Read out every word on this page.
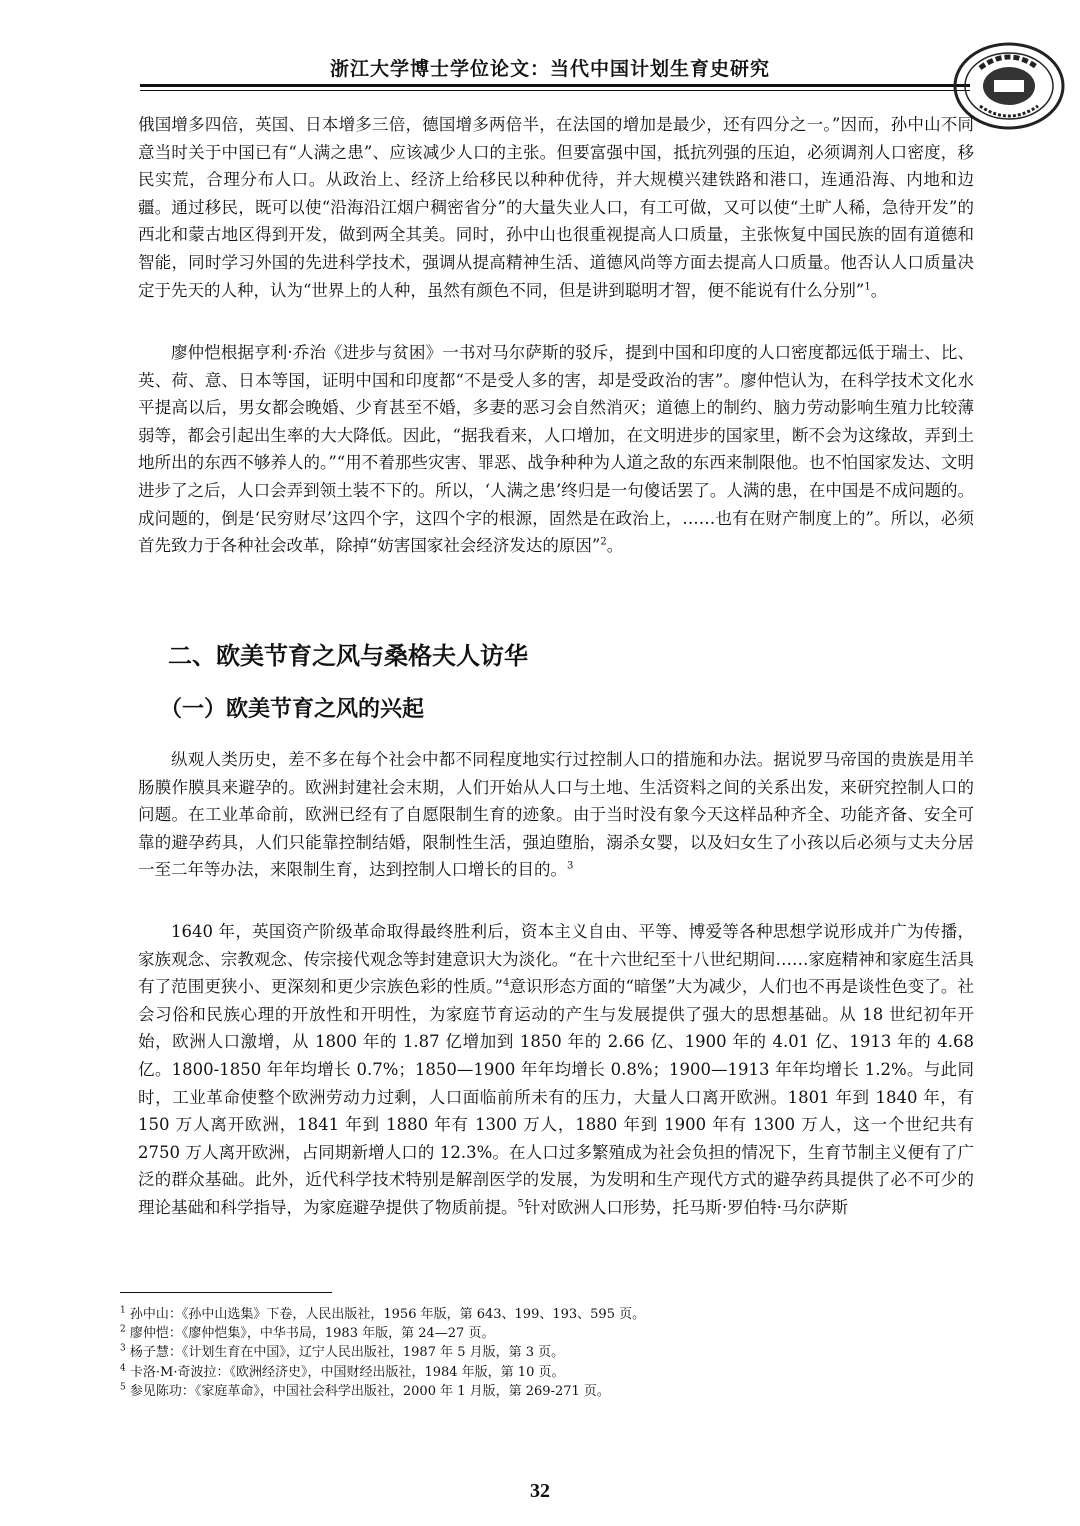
浙江大学博士学位论文：当代中国计划生育史研究

俄国增多四倍，英国、日本增多三倍，德国增多两倍半，在法国的增加是最少，还有四分之一。”因而，孙中山不同意当时关于中国已有“人满之患”、应该减少人口的主张。但要富强中国，抵抗列强的压迫，必须调剂人口密度，移民实荒，合理分布人口。从政治上、经济上给移民以种种优待，并大规模兴建铁路和港口，连通沿海、内地和边疆。通过移民，既可以使“沿海沿江烟户稠密省分”的大量失业人口，有工可做，又可以使“土旷人稀，急待开发”的西北和蒙古地区得到开发，做到两全其美。同时，孙中山也很重视提高人口质量，主张恢复中国民族的固有道德和智能，同时学习外国的先进科学技术，强调从提高精神生活、道德风尚等方面去提高人口质量。他否认人口质量决定于先天的人种，认为“世界上的人种，虽然有颜色不同，但是讲到聪明才智，便不能说有什么分别”$^1$。

廖仲恺根据亨利·乔治《进步与贫困》一书对马尔萨斯的驳斥，提到中国和印度的人口密度都远低于瑞士、比、英、荷、意、日本等国，证明中国和印度都“不是受人多的害，却是受政治的害”。廖仲恺认为，在科学技术文化水平提高以后，男女都会晚婚、少育甚至不婚，多妻的恶习会自然消灭；道德上的制约、脑力劳动影响生殖力比较薄弱等，都会引起出生率的大大降低。因此，“据我看来，人口增加，在文明进步的国家里，断不会为这缘故，弄到土地所出的东西不够养人的。”“用不着那些灾害、罪恶、战争种种为人道之敌的东西来制限他。也不怕国家发达、文明进步了之后，人口会弄到领土装不下的。所以，‘人满之患’终归是一句傻话罢了。人满的患，在中国是不成问题的。成问题的，倒是‘民穷财尽’这四个字，这四个字的根源，固然是在政治上，……也有在财产制度上的”。所以，必须首先致力于各种社会改革，除掉“妨害国家社会经济发达的原因”$^2$。

二、欧美节育之风与桑格夫人访华
（一）欧美节育之风的兴起

纵观人类历史，差不多在每个社会中都不同程度地实行过控制人口的措施和办法。据说罗马帝国的贵族是用羊肠膜作膜具来避孕的。欧洲封建社会末期，人们开始从人口与土地、生活资料之间的关系出发，来研究控制人口的问题。在工业革命前，欧洲已经有了自愿限制生育的迹象。由于当时没有象今天这样品种齐全、功能齐备、安全可靠的避孕药具，人们只能靠控制结婚，限制性生活，强迫堕胎，溺杀女婴，以及妇女生了小孩以后必须与丈夫分居一至二年等办法，来限制生育，达到控制人口增长的目的。$^3$

1640 年，英国资产阶级革命取得最终胜利后，资本主义自由、平等、博爱等各种思想学说形成并广为传播，家族观念、宗教观念、传宗接代观念等封建意识大为淡化。“在十六世纪至十八世纪期间……家庭精神和家庭生活具有了范围更狭小、更深刻和更少宗族色彩的性质。”$^4$意识形态方面的“暗堡”大为减少，人们也不再是谈性色变了。社会习俗和民族心理的开放性和开明性，为家庭节育运动的产生与发展提供了强大的思想基础。从 18 世纪初年开始，欧洲人口激增，从 1800 年的 1.87 亿增加到 1850 年的 2.66 亿、1900 年的 4.01 亿、1913 年的 4.68 亿。1800-1850 年年均增长 0.7%；1850—1900 年年均增长 0.8%；1900—1913 年年均增长 1.2%。与此同时，工业革命使整个欧洲劳动力过剩，人口面临前所未有的压力，大量人口离开欧洲。1801 年到 1840 年，有 150 万人离开欧洲，1841 年到 1880 年有 1300 万人，1880 年到 1900 年有 1300 万人，这一个世纪共有 2750 万人离开欧洲，占同期新增人口的 12.3%。在人口过多繁殖成为社会负担的情况下，生育节制主义便有了广泛的群众基础。此外，近代科学技术特别是解剖医学的发展，为发明和生产现代方式的避孕药具提供了必不可少的理论基础和科学指导，为家庭避孕提供了物质前提。$^5$针对欧洲人口形势，托马斯·罗伯特·马尔萨斯

$^1$ 孙中山：《孙中山选集》下卷，人民出版社，1956 年版，第 643、199、193、595 页。

$^2$ 廖仲恺：《廖仲恺集》，中华书局，1983 年版，第 24—27 页。

$^3$ 杨子慧：《计划生育在中国》，辽宁人民出版社，1987 年 5 月版，第 3 页。

$^4$ 卡洛·M·奇波拉：《欧洲经济史》，中国财经出版社，1984 年版，第 10 页。

$^5$ 参见陈功：《家庭革命》，中国社会科学出版社，2000 年 1 月版，第 269-271 页。

32
